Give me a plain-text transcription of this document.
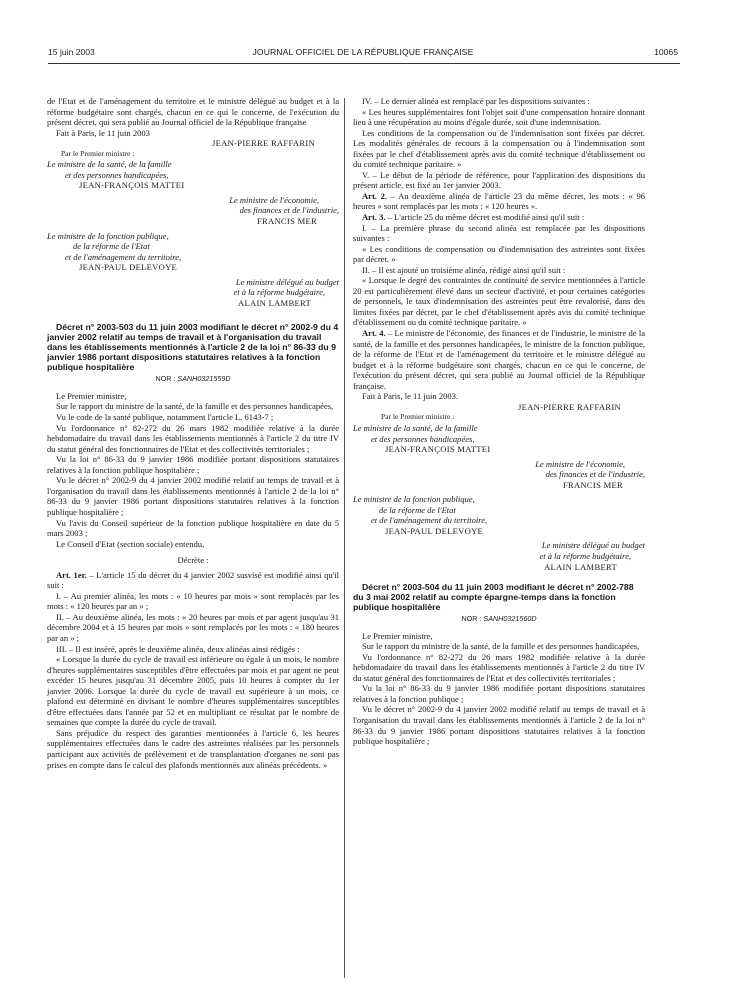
15 juin 2003	JOURNAL OFFICIEL DE LA RÉPUBLIQUE FRANÇAISE	10065

de l'Etat et de l'aménagement du territoire et le ministre délégué au budget et à la réforme budgétaire sont chargés, chacun en ce qui le concerne, de l'exécution du présent décret, qui sera publié au Journal officiel de la République française

Fait à Paris, le 11 juin 2003

JEAN-PIERRE RAFFARIN
Par le Premier ministre :
Le ministre de la santé, de la famille
et des personnes handicapées,
JEAN-FRANÇOIS MATTEI
Le ministre de l'économie,
des finances et de l'industrie,
FRANCIS MER
Le ministre de la fonction publique,
de la réforme de l'Etat
et de l'aménagement du territoire,
JEAN-PAUL DELEVOYE
Le ministre délégué au budget
et à la réforme budgétaire,
ALAIN LAMBERT

Décret n° 2003-503 du 11 juin 2003 modifiant le décret n° 2002-9 du 4 janvier 2002 relatif au temps de travail et à l'organisation du travail dans les établissements mentionnés à l'article 2 de la loi n° 86-33 du 9 janvier 1986 portant dispositions statutaires relatives à la fonction publique hospitalière

NOR : SANH0321559D

Le Premier ministre,

Sur le rapport du ministre de la santé, de la famille et des personnes handicapées,

Vu le code de la santé publique, notamment l'article L. 6143-7 ;

Vu l'ordonnance n° 82-272 du 26 mars 1982 modifiée relative à la durée hebdomadaire du travail dans les établissements mentionnés à l'article 2 du titre IV du statut général des fonctionnaires de l'Etat et des collectivités territoriales ;

Vu la loi n° 86-33 du 9 janvier 1986 modifiée portant dispositions statutaires relatives à la fonction publique hospitalière ;

Vu le décret n° 2002-9 du 4 janvier 2002 modifié relatif au temps de travail et à l'organisation du travail dans les établissements mentionnés à l'article 2 de la loi n° 86-33 du 9 janvier 1986 portant dispositions statutaires relatives à la fonction publique hospitalière ;

Vu l'avis du Conseil supérieur de la fonction publique hospitalière en date du 5 mars 2003 ;

Le Conseil d'Etat (section sociale) entendu,

Décrète :

Art. 1er. – L'article 15 du décret du 4 janvier 2002 susvisé est modifié ainsi qu'il suit :

I. – Au premier alinéa, les mots : « 10 heures par mois » sont remplacés par les mots : « 120 heures par an » ;

II. – Au deuxième alinéa, les mots : « 20 heures par mois et par agent jusqu'au 31 décembre 2004 et à 15 heures par mois » sont remplacés par les mots : « 180 heures par an » ;

III. – Il est inséré, après le deuxième alinéa, deux alinéas ainsi rédigés :

« Lorsque la durée du cycle de travail est inférieure ou égale à un mois, le nombre d'heures supplémentaires susceptibles d'être effectuées par mois et par agent ne peut excéder 15 heures jusqu'au 31 décembre 2005, puis 10 heures à compter du 1er janvier 2006. Lorsque la durée du cycle de travail est supérieure à un mois, ce plafond est déterminé en divisant le nombre d'heures supplémentaires susceptibles d'être effectuées dans l'année par 52 et en multipliant ce résultat par le nombre de semaines que compte la durée du cycle de travail.

Sans préjudice du respect des garanties mentionnées à l'article 6, les heures supplémentaires effectuées dans le cadre des astreintes réalisées par les personnels participant aux activités de prélèvement et de transplantation d'organes ne sont pas prises en compte dans le calcul des plafonds mentionnés aux alinéas précédents. »

IV. – Le dernier alinéa est remplacé par les dispositions suivantes :

« Les heures supplémentaires font l'objet soit d'une compensation horaire donnant lieu à une récupération au moins d'égale durée, soit d'une indemnisation.

Les conditions de la compensation ou de l'indemnisation sont fixées par décret. Les modalités générales de recours à la compensation ou à l'indemnisation sont fixées par le chef d'établissement après avis du comité technique d'établissement ou du comité technique paritaire. »

V. – Le début de la période de référence, pour l'application des dispositions du présent article, est fixé au 1er janvier 2003.

Art. 2. – Au deuxième alinéa de l'article 23 du même décret, les mots : « 96 heures » sont remplacés par les mots : « 120 heures ».

Art. 3. – L'article 25 du même décret est modifié ainsi qu'il suit :

I. – La première phrase du second alinéa est remplacée par les dispositions suivantes :

« Les conditions de compensation ou d'indemnisation des astreintes sont fixées par décret. »

II. – Il est ajouté un troisième alinéa, rédigé ainsi qu'il suit :

« Lorsque le degré des contraintes de continuité de service mentionnées à l'article 20 est particulièrement élevé dans un secteur d'activité, et pour certaines catégories de personnels, le taux d'indemnisation des astreintes peut être revalorisé, dans des limites fixées par décret, par le chef d'établissement après avis du comité technique d'établissement ou du comité technique paritaire. »

Art. 4. – Le ministre de l'économie, des finances et de l'industrie, le ministre de la santé, de la famille et des personnes handicapées, le ministre de la fonction publique, de la réforme de l'Etat et de l'aménagement du territoire et le ministre délégué au budget et à la réforme budgétaire sont chargés, chacun en ce qui le concerne, de l'exécution du présent décret, qui sera publié au Journal officiel de la République française.

Fait à Paris, le 11 juin 2003.

JEAN-PIERRE RAFFARIN
Par le Premier ministre :
Le ministre de la santé, de la famille
et des personnes handicapées,
JEAN-FRANÇOIS MATTEI
Le ministre de l'économie,
des finances et de l'industrie,
FRANCIS MER
Le ministre de la fonction publique,
de la réforme de l'Etat
et de l'aménagement du territoire,
JEAN-PAUL DELEVOYE
Le ministre délégué au budget
et à la réforme budgétaire,
ALAIN LAMBERT

Décret n° 2003-504 du 11 juin 2003 modifiant le décret n° 2002-788 du 3 mai 2002 relatif au compte épargne-temps dans la fonction publique hospitalière

NOR : SANH0321560D

Le Premier ministre,

Sur le rapport du ministre de la santé, de la famille et des personnes handicapées,

Vu l'ordonnance n° 82-272 du 26 mars 1982 modifiée relative à la durée hebdomadaire du travail dans les établissements mentionnés à l'article 2 du titre IV du statut général des fonctionnaires de l'Etat et des collectivités territoriales ;

Vu la loi n° 86-33 du 9 janvier 1986 modifiée portant dispositions statutaires relatives à la fonction publique ;

Vu le décret n° 2002-9 du 4 janvier 2002 modifié relatif au temps de travail et à l'organisation du travail dans les établissements mentionnés à l'article 2 de la loi n° 86-33 du 9 janvier 1986 portant dispositions statutaires relatives à la fonction publique hospitalière ;
